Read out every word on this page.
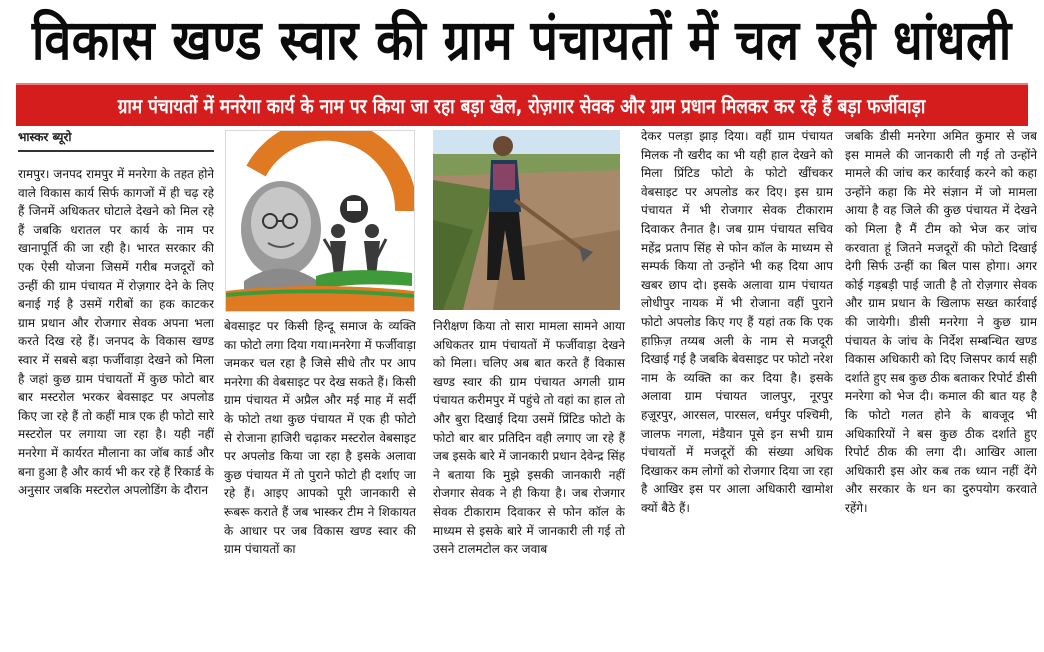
विकास खण्ड स्वार की ग्राम पंचायतों में चल रही धांधली
ग्राम पंचायतों में मनरेगा कार्य के नाम पर किया जा रहा बड़ा खेल, रोज़गार सेवक और ग्राम प्रधान मिलकर कर रहे हैं बड़ा फर्जीवाड़ा
भास्कर ब्यूरो

रामपुर। जनपद रामपुर में मनरेगा के तहत होने वाले विकास कार्य सिर्फ कागजों में ही चढ़ रहे हैं जिनमें अधिकतर घोटाले देखने को मिल रहे हैं जबकि धरातल पर कार्य के नाम पर खानापूर्ति की जा रही है। भारत सरकार की एक ऐसी योजना जिसमें गरीब मजदूरों को उन्हीं की ग्राम पंचायत में रोज़गार देने के लिए बनाई गई है उसमें गरीबों का हक काटकर ग्राम प्रधान और रोजगार सेवक अपना भला करते दिख रहे हैं। जनपद के विकास खण्ड स्वार में सबसे बड़ा फर्जीवाड़ा देखने को मिला है जहां कुछ ग्राम पंचायतों में कुछ फोटो बार बार मस्टरोल भरकर बेवसाइट पर अपलोड किए जा रहे हैं तो कहीं मात्र एक ही फोटो सारे मस्टरोल पर लगाया जा रहा है। यही नहीं मनरेगा में कार्यरत मौलाना का जॉब कार्ड और बना हुआ है और कार्य भी कर रहे हैं रिकार्ड के अनुसार जबकि मस्टरोल अपलोडिंग के दौरान

बेवसाइट पर किसी हिन्दू समाज के व्यक्ति का फोटो लगा दिया गया।मनरेगा में फर्जीवाड़ा जमकर चल रहा है जिसे सीधे तौर पर आप मनरेगा की वेबसाइट पर देख सकते हैं। किसी ग्राम पंचायत में अप्रैल और मई माह में सर्दी के फोटो तथा कुछ पंचायत में एक ही फोटो से रोजाना हाजिरी चढ़ाकर मस्टरोल वेबसाइट पर अपलोड किया जा रहा है इसके अलावा कुछ पंचायत में तो पुराने फोटो ही दर्शाए जा रहे हैं। आइए आपको पूरी जानकारी से रूबरू कराते हैं जब भास्कर टीम ने शिकायत के आधार पर जब विकास खण्ड स्वार की ग्राम पंचायतों का

निरीक्षण किया तो सारा मामला सामने आया अधिकतर ग्राम पंचायतों में फर्जीवाड़ा देखने को मिला। चलिए अब बात करते हैं विकास खण्ड स्वार की ग्राम पंचायत अगली ग्राम पंचायत करीमपुर में पहुंचे तो वहां का हाल तो और बुरा दिखाई दिया उसमें प्रिंटिड फोटो के फोटो बार बार प्रतिदिन वही लगाए जा रहे हैं जब इसके बारे में जानकारी प्रधान देवेन्द्र सिंह ने बताया कि मुझे इसकी जानकारी नहीं रोजगार सेवक ने ही किया है। जब रोजगार सेवक टीकाराम दिवाकर से फोन कॉल के माध्यम से इसके बारे में जानकारी ली गई तो उसने टालमटोल कर जवाब

देकर पलड़ा झाड़ दिया। वहीं ग्राम पंचायत मिलक नौ खरीद का भी यही हाल देखने को मिला प्रिंटिड फोटो के फोटो खींचकर वेबसाइट पर अपलोड कर दिए। इस ग्राम पंचायत में भी रोजगार सेवक टीकाराम दिवाकर तैनात है। जब ग्राम पंचायत सचिव महेंद्र प्रताप सिंह से फोन कॉल के माध्यम से सम्पर्क किया तो उन्होंने भी कह दिया आप खबर छाप दो। इसके अलावा ग्राम पंचायत लोधीपुर नायक में भी रोजाना वहीं पुराने फोटो अपलोड किए गए हैं यहां तक कि एक हाफ़िज़ तय्यब अली के नाम से मजदूरी दिखाई गई है जबकि बेवसाइट पर फोटो नरेश नाम के व्यक्ति का कर दिया है। इसके अलावा ग्राम पंचायत जालपुर, नूरपुर हज़ूरपुर, आरसल, पारसल, धर्मपुर पश्चिमी, जालफ नगला, मंडैयान पूसे इन सभी ग्राम पंचायतों में मजदूरों की संख्या अधिक दिखाकर कम लोगों को रोजगार दिया जा रहा है आखिर इस पर आला अधिकारी खामोश क्यों बैठे हैं।

जबकि डीसी मनरेगा अमित कुमार से जब इस मामले की जानकारी ली गई तो उन्होंने मामले की जांच कर कार्रवाई करने को कहा उन्होंने कहा कि मेरे संज्ञान में जो मामला आया है वह जिले की कुछ पंचायत में देखने को मिला है मैं टीम को भेज कर जांच करवाता हूं जितने मजदूरों की फोटो दिखाई देगी सिर्फ उन्हीं का बिल पास होगा। अगर कोई गड़बड़ी पाई जाती है तो रोज़गार सेवक और ग्राम प्रधान के खिलाफ सख्त कार्रवाई की जायेगी। डीसी मनरेगा ने कुछ ग्राम पंचायत के जांच के निर्देश सम्बन्धित खण्ड विकास अधिकारी को दिए जिसपर कार्य सही दर्शाते हुए सब कुछ ठीक बताकर रिपोर्ट डीसी मनरेगा को भेज दी। कमाल की बात यह है कि फोटो गलत होने के बावजूद भी अधिकारियों ने बस कुछ ठीक दर्शाते हुए रिपोर्ट ठीक की लगा दी। आखिर आला अधिकारी इस ओर कब तक ध्यान नहीं देंगे और सरकार के धन का दुरुपयोग करवाते रहेंगे।
